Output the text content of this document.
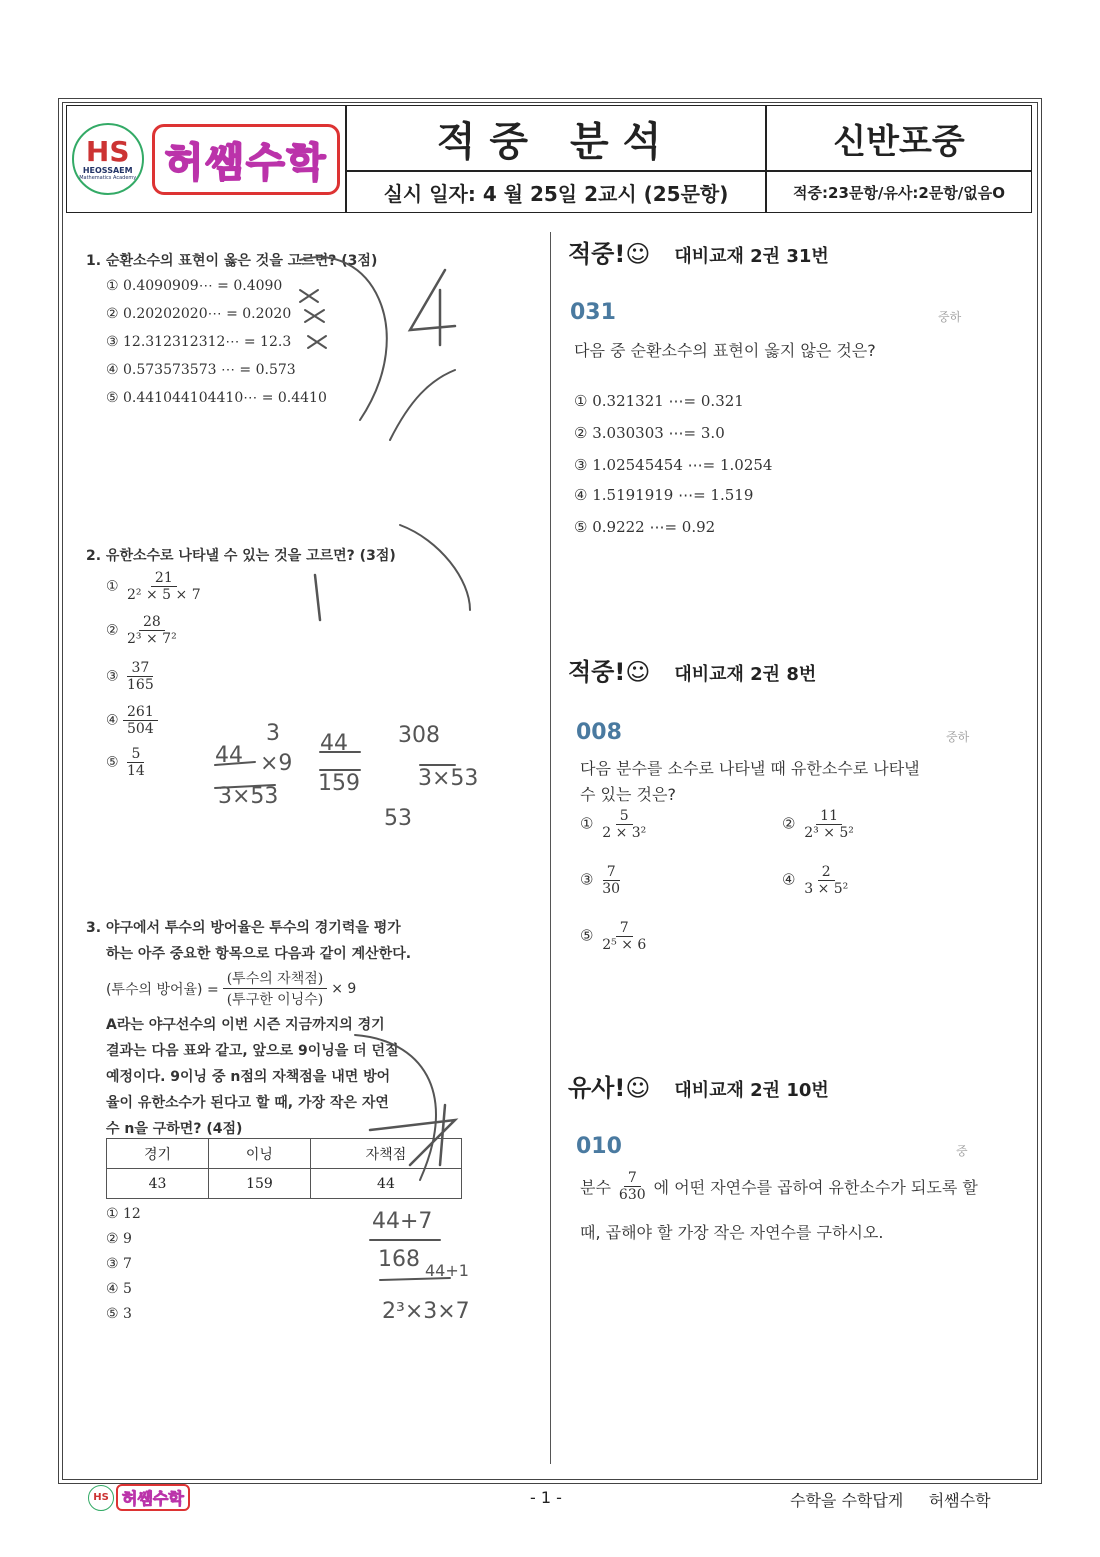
HS
HEOSSAEM
Mathematics Academy 허쌤수학	적중 분석
실시 일자: 4 월 25일 2교시 (25문항)
신반포중
적중:23문항/유사:2문항/없음O
1. 순환소수의 표현이 옳은 것을 고르면? (3점)
① 0.4090909⋯ = 0.4090
② 0.20202020⋯ = 0.2020
③ 12.312312312⋯ = 12.3
④ 0.573573573 ⋯ = 0.573
⑤ 0.441044104410⋯ = 0.4410
2. 유한소수로 나타낼 수 있는 것을 고르면? (3점)
① $\frac{21}{\text{2² × 5 × 7}}$
② $\frac{28}{\text{2³ × 7²}}$
③ $\frac{37}{165}$
④ $\frac{261}{504}$
⑤ $\frac{5}{14}$
3. 야구에서 투수의 방어율은 투수의 경기력을 평가
하는 아주 중요한 항목으로 다음과 같이 계산한다.
(투수의 방어율) = $\frac{\text{(투수의 자책점)}}{\text{(투구한 이닝수)}} \times 9$
A라는 야구선수의 이번 시즌 지금까지의 경기
결과는 다음 표와 같고, 앞으로 9이닝을 더 던질
예정이다. 9이닝 중 n점의 자책점을 내면 방어
율이 유한소수가 된다고 할 때, 가장 작은 자연
수 n을 구하면? (4점)
경기	이닝	자책점
43	159	44
① 12
② 9
③ 7
④ 5
⑤ 3
44 ×9
3×53
3 44
159
308
3×53
53
44+7
168 44+1
2³×3×7
적중!☺ 대비교재 2권 31번
031	중하
다음 중 순환소수의 표현이 옳지 않은 것은?
① 0.321321 ⋯= 0.321
② 3.030303 ⋯= 3.0
③ 1.02545454 ⋯= 1.0254
④ 1.5191919 ⋯= 1.519
⑤ 0.9222 ⋯= 0.92
적중!☺ 대비교재 2권 8번
008	중하
다음 분수를 소수로 나타낼 때 유한소수로 나타낼
수 있는 것은?
① $\frac{5}{\text{2 × 3²}}$	② $\frac{11}{\text{2³ × 5²}}$
③ $\frac{7}{30}$	④ $\frac{2}{\text{3 × 5²}}$
⑤ $\frac{7}{\text{2⁵ × 6}}$
유사!☺ 대비교재 2권 10번
010	중
분수 $\frac{7}{630}$ 에 어떤 자연수를 곱하여 유한소수가 되도록 할
때, 곱해야 할 가장 작은 자연수를 구하시오.
HS 허쌤수학	- 1 -	수학을 수학답게     허쌤수학
